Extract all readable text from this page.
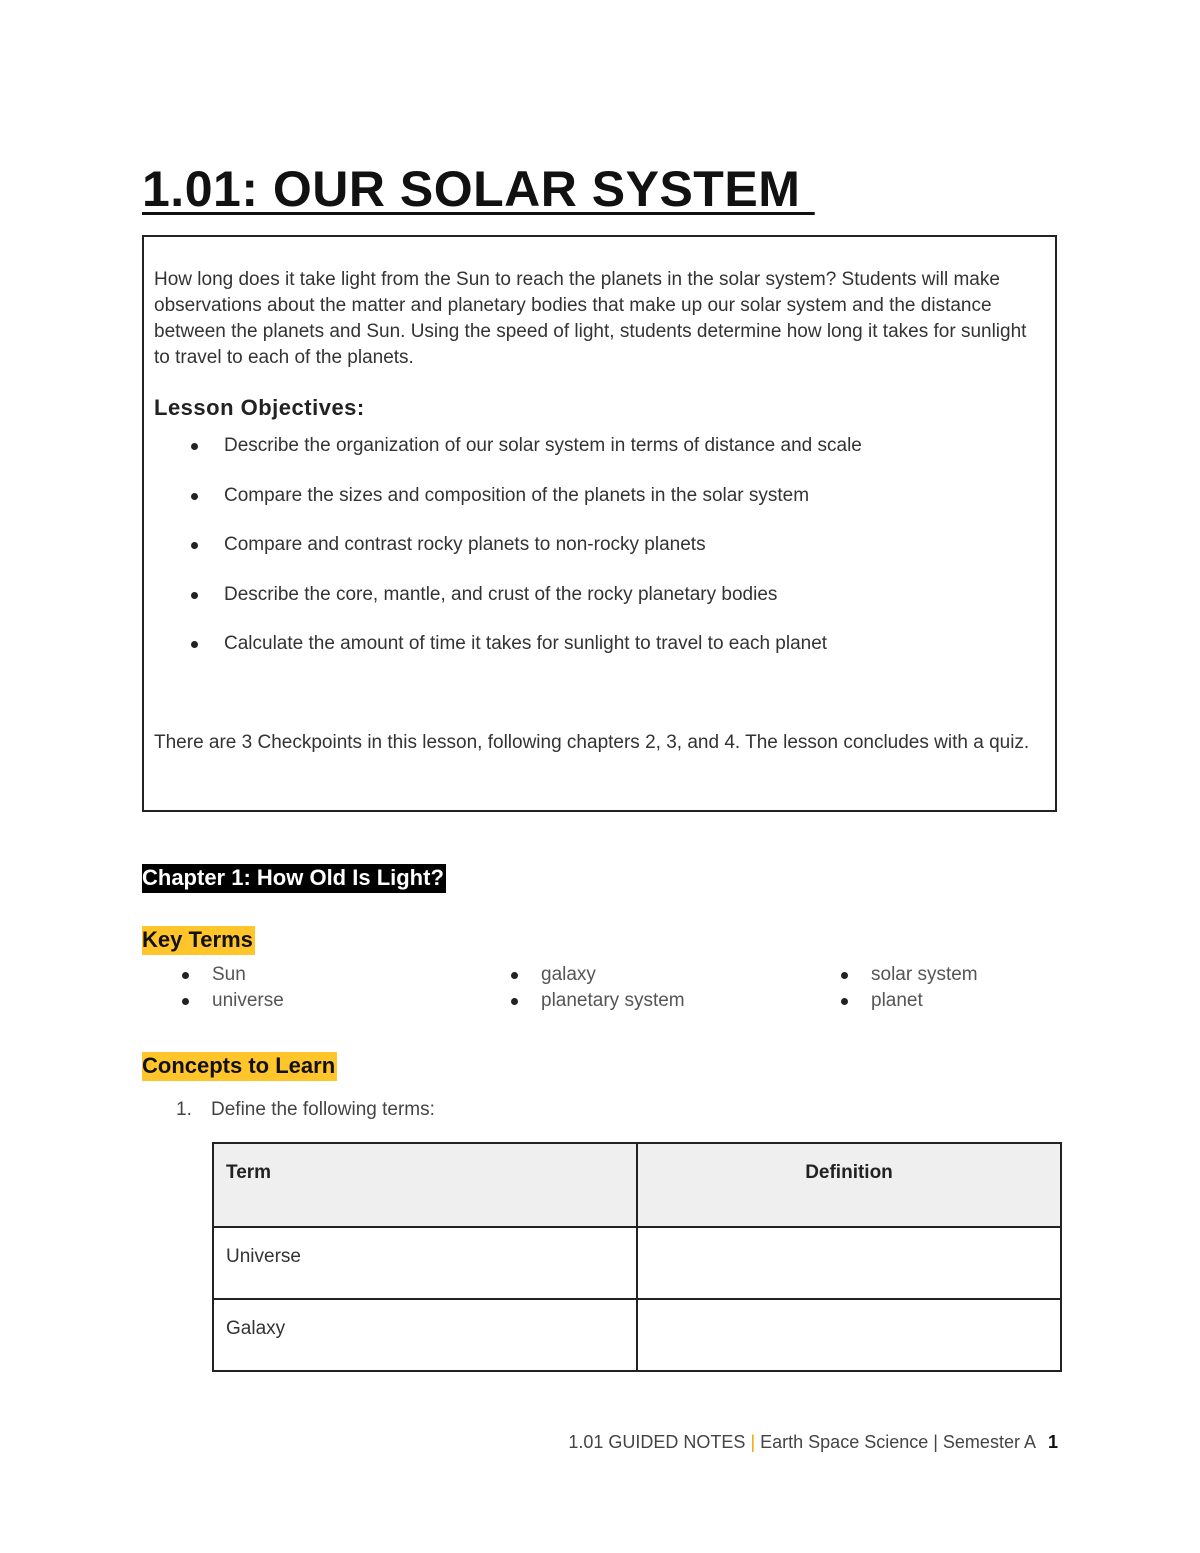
1.01: OUR SOLAR SYSTEM
How long does it take light from the Sun to reach the planets in the solar system? Students will make observations about the matter and planetary bodies that make up our solar system and the distance between the planets and Sun. Using the speed of light, students determine how long it takes for sunlight to travel to each of the planets.
Lesson Objectives:
Describe the organization of our solar system in terms of distance and scale
Compare the sizes and composition of the planets in the solar system
Compare and contrast rocky planets to non-rocky planets
Describe the core, mantle, and crust of the rocky planetary bodies
Calculate the amount of time it takes for sunlight to travel to each planet
There are 3 Checkpoints in this lesson, following chapters 2, 3, and 4. The lesson concludes with a quiz.
Chapter 1: How Old Is Light?
Key Terms
Sun
universe
galaxy
planetary system
solar system
planet
Concepts to Learn
1. Define the following terms:
Term	Definition
Universe	
Galaxy	
1.01 GUIDED NOTES | Earth Space Science | Semester A 1
